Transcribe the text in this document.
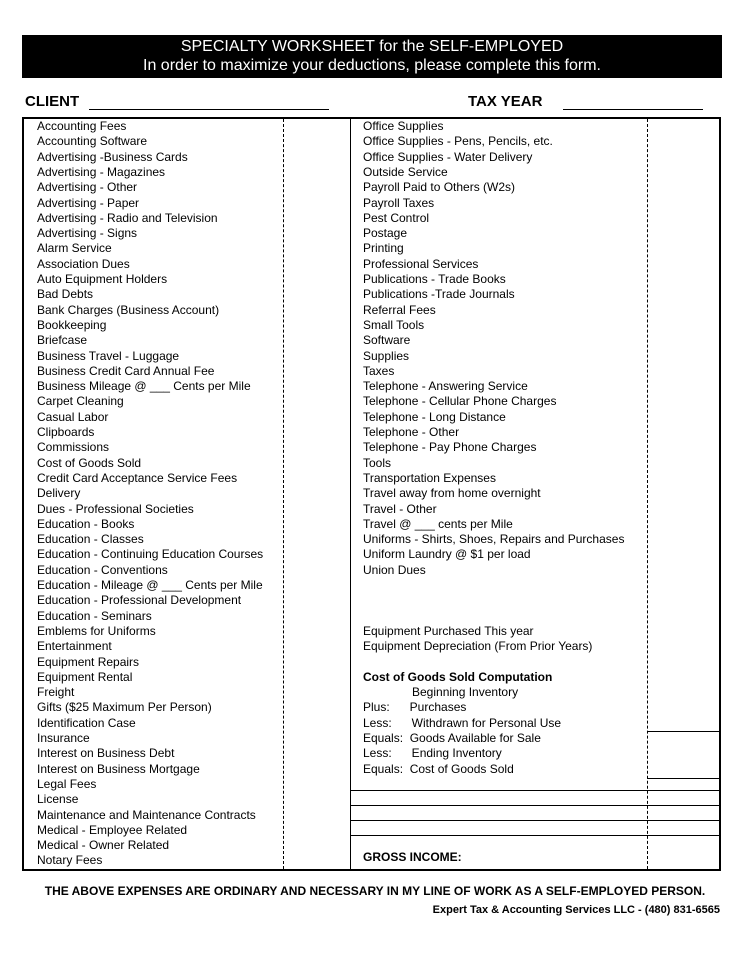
SPECIALTY WORKSHEET for the SELF-EMPLOYED
In order to maximize your deductions, please complete this form.
CLIENT	TAX YEAR
Accounting Fees
Accounting Software
Advertising -Business Cards
Advertising - Magazines
Advertising - Other
Advertising - Paper
Advertising - Radio and Television
Advertising - Signs
Alarm Service
Association Dues
Auto Equipment Holders
Bad Debts
Bank Charges (Business Account)
Bookkeeping
Briefcase
Business Travel - Luggage
Business Credit Card Annual Fee
Business Mileage @ ___ Cents per Mile
Carpet Cleaning
Casual Labor
Clipboards
Commissions
Cost of Goods Sold
Credit Card Acceptance Service Fees
Delivery
Dues - Professional Societies
Education - Books
Education - Classes
Education - Continuing Education Courses
Education - Conventions
Education - Mileage @ ___ Cents per Mile
Education - Professional Development
Education - Seminars
Emblems for Uniforms
Entertainment
Equipment Repairs
Equipment Rental
Freight
Gifts ($25 Maximum Per Person)
Identification Case
Insurance
Interest on Business Debt
Interest on Business Mortgage
Legal Fees
License
Maintenance and Maintenance Contracts
Medical - Employee Related
Medical - Owner Related
Notary Fees
Office Supplies
Office Supplies - Pens, Pencils, etc.
Office Supplies - Water Delivery
Outside Service
Payroll Paid to Others (W2s)
Payroll Taxes
Pest Control
Postage
Printing
Professional Services
Publications - Trade Books
Publications -Trade Journals
Referral Fees
Small Tools
Software
Supplies
Taxes
Telephone - Answering Service
Telephone - Cellular Phone Charges
Telephone - Long Distance
Telephone - Other
Telephone - Pay Phone Charges
Tools
Transportation Expenses
Travel away from home overnight
Travel - Other
Travel @ ___ cents per Mile
Uniforms - Shirts, Shoes, Repairs and Purchases
Uniform Laundry @ $1 per load
Union Dues
Equipment Purchased This year
Equipment Depreciation (From Prior Years)
Cost of Goods Sold Computation
Beginning Inventory
Plus:      Purchases
Less:      Withdrawn for Personal Use
Equals:  Goods Available for Sale
Less:      Ending Inventory
Equals:  Cost of Goods Sold
GROSS INCOME:
THE ABOVE EXPENSES ARE ORDINARY AND NECESSARY IN MY LINE OF WORK AS A SELF-EMPLOYED PERSON.
Expert Tax & Accounting Services LLC - (480) 831-6565
